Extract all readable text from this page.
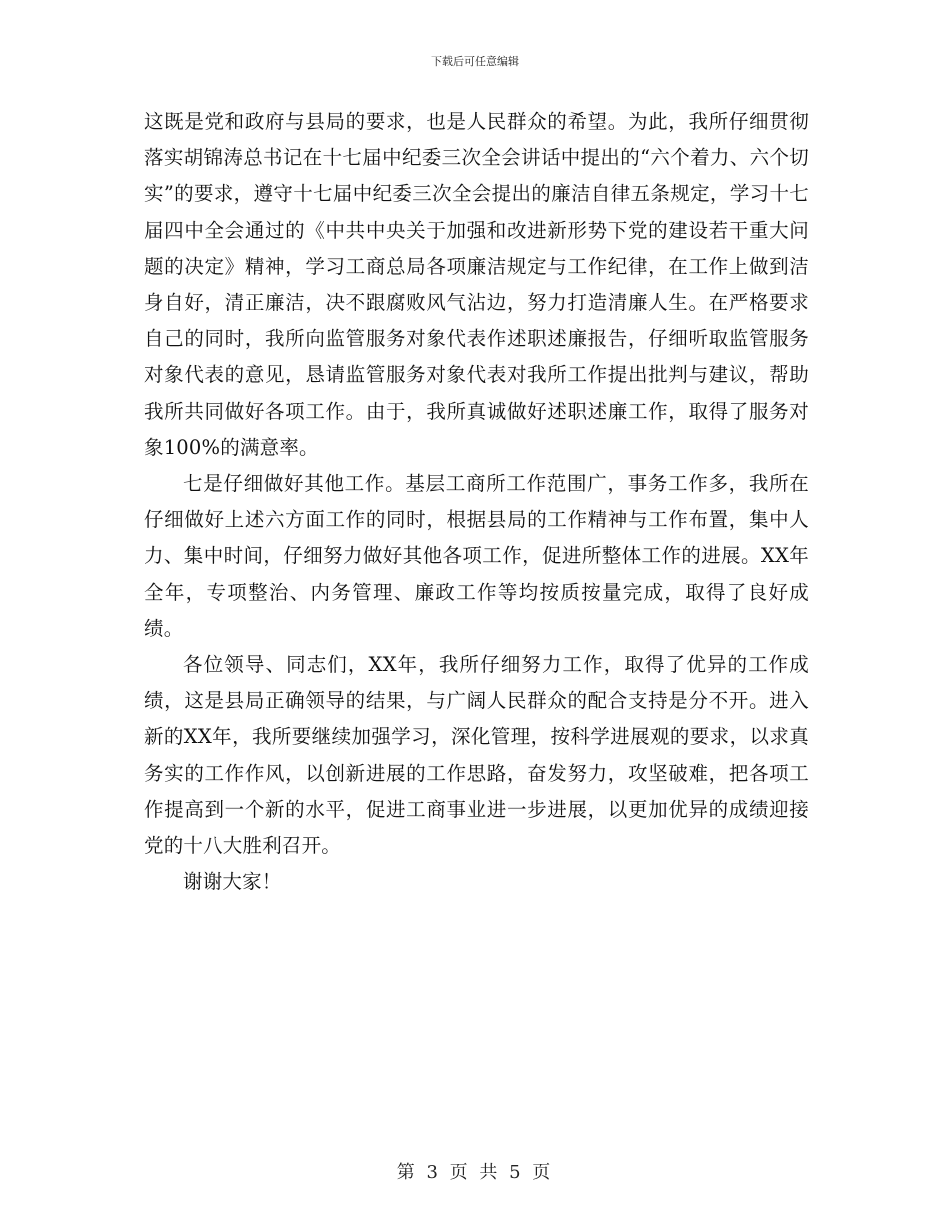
下载后可任意编辑

这既是党和政府与县局的要求，也是人民群众的希望。为此，我所仔细贯彻落实胡锦涛总书记在十七届中纪委三次全会讲话中提出的“六个着力、六个切实”的要求，遵守十七届中纪委三次全会提出的廉洁自律五条规定，学习十七届四中全会通过的《中共中央关于加强和改进新形势下党的建设若干重大问题的决定》精神，学习工商总局各项廉洁规定与工作纪律，在工作上做到洁身自好，清正廉洁，决不跟腐败风气沾边，努力打造清廉人生。在严格要求自己的同时，我所向监管服务对象代表作述职述廉报告，仔细听取监管服务对象代表的意见，恳请监管服务对象代表对我所工作提出批判与建议，帮助我所共同做好各项工作。由于，我所真诚做好述职述廉工作，取得了服务对象100%的满意率。

七是仔细做好其他工作。基层工商所工作范围广，事务工作多，我所在仔细做好上述六方面工作的同时，根据县局的工作精神与工作布置，集中人力、集中时间，仔细努力做好其他各项工作，促进所整体工作的进展。XX年全年，专项整治、内务管理、廉政工作等均按质按量完成，取得了良好成绩。

各位领导、同志们，XX年，我所仔细努力工作，取得了优异的工作成绩，这是县局正确领导的结果，与广阔人民群众的配合支持是分不开。进入新的XX年，我所要继续加强学习，深化管理，按科学进展观的要求，以求真务实的工作作风，以创新进展的工作思路，奋发努力，攻坚破难，把各项工作提高到一个新的水平，促进工商事业进一步进展，以更加优异的成绩迎接党的十八大胜利召开。

谢谢大家！

第 3 页 共 5 页
